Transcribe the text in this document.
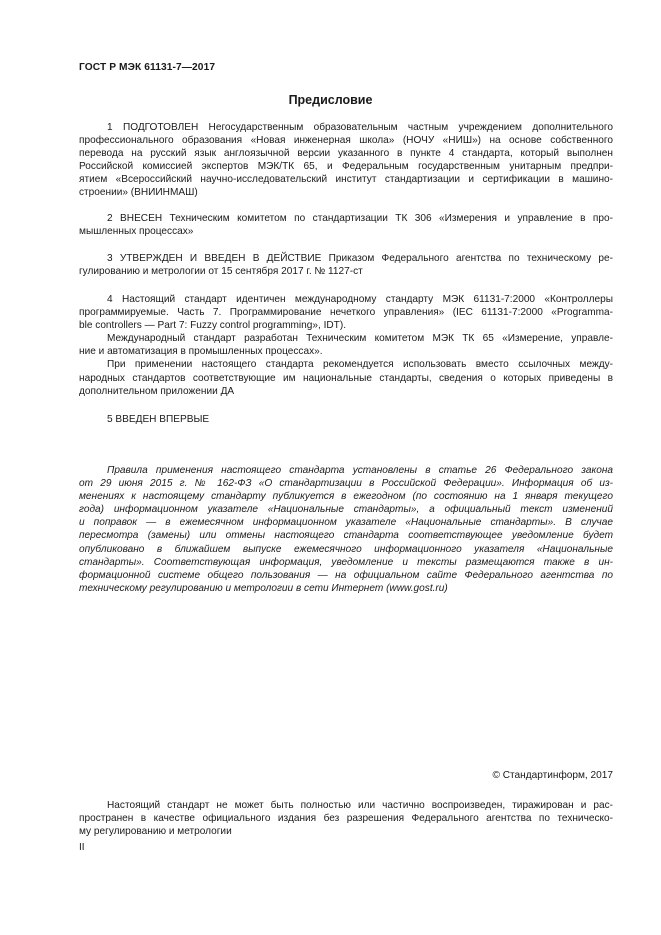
ГОСТ Р МЭК 61131-7—2017
Предисловие
1 ПОДГОТОВЛЕН Негосударственным образовательным частным учреждением дополнительного
профессионального образования «Новая инженерная школа» (НОЧУ «НИШ») на основе собственного
перевода на русский язык англоязычной версии указанного в пункте 4 стандарта, который выполнен
Российской комиссией экспертов МЭК/ТК 65, и Федеральным государственным унитарным предпри-
ятием «Всероссийский научно-исследовательский институт стандартизации и сертификации в машино-
строении» (ВНИИНМАШ)
2 ВНЕСЕН Техническим комитетом по стандартизации ТК 306 «Измерения и управление в про-
мышленных процессах»
3 УТВЕРЖДЕН И ВВЕДЕН В ДЕЙСТВИЕ Приказом Федерального агентства по техническому ре-
гулированию и метрологии от 15 сентября 2017 г. № 1127-ст
4 Настоящий стандарт идентичен международному стандарту МЭК 61131-7:2000 «Контроллеры
программируемые. Часть 7. Программирование нечеткого управления» (IEC 61131-7:2000 «Programma-
ble controllers — Part 7: Fuzzy control programming», IDT).
Международный стандарт разработан Техническим комитетом МЭК ТК 65 «Измерение, управле-
ние и автоматизация в промышленных процессах».
При применении настоящего стандарта рекомендуется использовать вместо ссылочных между-
народных стандартов соответствующие им национальные стандарты, сведения о которых приведены в
дополнительном приложении ДА
5 ВВЕДЕН ВПЕРВЫЕ
Правила применения настоящего стандарта установлены в статье 26 Федерального закона
от 29 июня 2015 г. № 162-ФЗ «О стандартизации в Российской Федерации». Информация об из-
менениях к настоящему стандарту публикуется в ежегодном (по состоянию на 1 января текущего
года) информационном указателе «Национальные стандарты», а официальный текст изменений
и поправок — в ежемесячном информационном указателе «Национальные стандарты». В случае
пересмотра (замены) или отмены настоящего стандарта соответствующее уведомление будет
опубликовано в ближайшем выпуске ежемесячного информационного указателя «Национальные
стандарты». Соответствующая информация, уведомление и тексты размещаются также в ин-
формационной системе общего пользования — на официальном сайте Федерального агентства по
техническому регулированию и метрологии в сети Интернет (www.gost.ru)
© Стандартинформ, 2017
Настоящий стандарт не может быть полностью или частично воспроизведен, тиражирован и рас-
пространен в качестве официального издания без разрешения Федерального агентства по техническо-
му регулированию и метрологии
II
